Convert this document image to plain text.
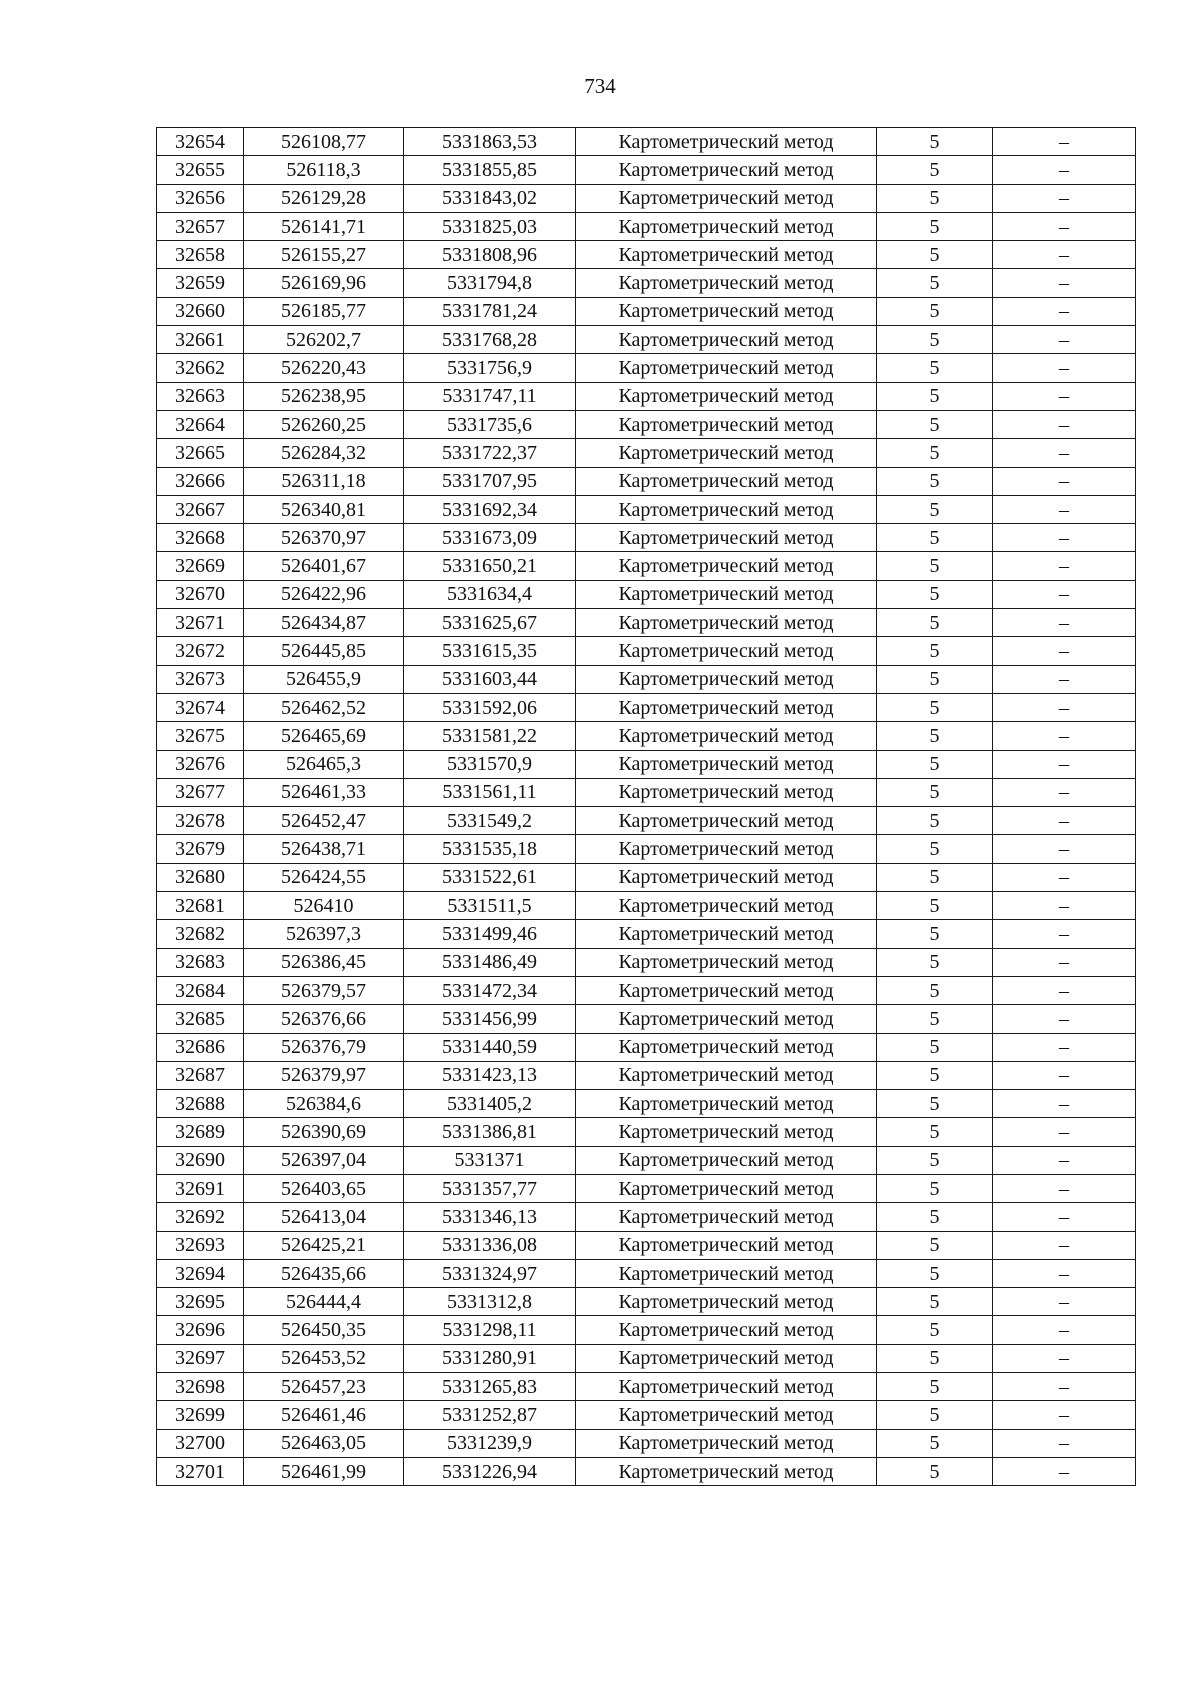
734
32654	526108,77	5331863,53	Картометрический метод	5	–
32655	526118,3	5331855,85	Картометрический метод	5	–
32656	526129,28	5331843,02	Картометрический метод	5	–
32657	526141,71	5331825,03	Картометрический метод	5	–
32658	526155,27	5331808,96	Картометрический метод	5	–
32659	526169,96	5331794,8	Картометрический метод	5	–
32660	526185,77	5331781,24	Картометрический метод	5	–
32661	526202,7	5331768,28	Картометрический метод	5	–
32662	526220,43	5331756,9	Картометрический метод	5	–
32663	526238,95	5331747,11	Картометрический метод	5	–
32664	526260,25	5331735,6	Картометрический метод	5	–
32665	526284,32	5331722,37	Картометрический метод	5	–
32666	526311,18	5331707,95	Картометрический метод	5	–
32667	526340,81	5331692,34	Картометрический метод	5	–
32668	526370,97	5331673,09	Картометрический метод	5	–
32669	526401,67	5331650,21	Картометрический метод	5	–
32670	526422,96	5331634,4	Картометрический метод	5	–
32671	526434,87	5331625,67	Картометрический метод	5	–
32672	526445,85	5331615,35	Картометрический метод	5	–
32673	526455,9	5331603,44	Картометрический метод	5	–
32674	526462,52	5331592,06	Картометрический метод	5	–
32675	526465,69	5331581,22	Картометрический метод	5	–
32676	526465,3	5331570,9	Картометрический метод	5	–
32677	526461,33	5331561,11	Картометрический метод	5	–
32678	526452,47	5331549,2	Картометрический метод	5	–
32679	526438,71	5331535,18	Картометрический метод	5	–
32680	526424,55	5331522,61	Картометрический метод	5	–
32681	526410	5331511,5	Картометрический метод	5	–
32682	526397,3	5331499,46	Картометрический метод	5	–
32683	526386,45	5331486,49	Картометрический метод	5	–
32684	526379,57	5331472,34	Картометрический метод	5	–
32685	526376,66	5331456,99	Картометрический метод	5	–
32686	526376,79	5331440,59	Картометрический метод	5	–
32687	526379,97	5331423,13	Картометрический метод	5	–
32688	526384,6	5331405,2	Картометрический метод	5	–
32689	526390,69	5331386,81	Картометрический метод	5	–
32690	526397,04	5331371	Картометрический метод	5	–
32691	526403,65	5331357,77	Картометрический метод	5	–
32692	526413,04	5331346,13	Картометрический метод	5	–
32693	526425,21	5331336,08	Картометрический метод	5	–
32694	526435,66	5331324,97	Картометрический метод	5	–
32695	526444,4	5331312,8	Картометрический метод	5	–
32696	526450,35	5331298,11	Картометрический метод	5	–
32697	526453,52	5331280,91	Картометрический метод	5	–
32698	526457,23	5331265,83	Картометрический метод	5	–
32699	526461,46	5331252,87	Картометрический метод	5	–
32700	526463,05	5331239,9	Картометрический метод	5	–
32701	526461,99	5331226,94	Картометрический метод	5	–
